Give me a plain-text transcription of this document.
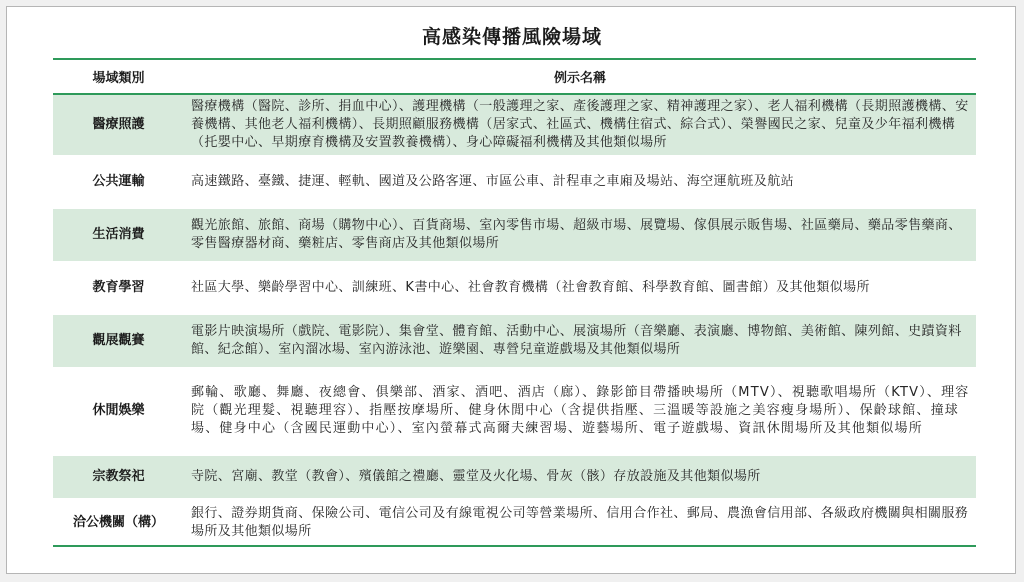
高感染傳播風險場域
場域類別	例示名稱
醫療照護	醫療機構（醫院、診所、捐血中心）、護理機構（一般護理之家、產後護理之家、精神護理之家）、老人福利機構（長期照護機構、安養機構、其他老人福利機構）、長期照顧服務機構（居家式、社區式、機構住宿式、綜合式）、榮譽國民之家、兒童及少年福利機構（托嬰中心、早期療育機構及安置教養機構）、身心障礙福利機構及其他類似場所
公共運輸	高速鐵路、臺鐵、捷運、輕軌、國道及公路客運、市區公車、計程車之車廂及場站、海空運航班及航站
生活消費	觀光旅館、旅館、商場（購物中心）、百貨商場、室內零售市場、超級市場、展覽場、傢俱展示販售場、社區藥局、藥品零售藥商、零售醫療器材商、藥粧店、零售商店及其他類似場所
教育學習	社區大學、樂齡學習中心、訓練班、K書中心、社會教育機構（社會教育館、科學教育館、圖書館）及其他類似場所
觀展觀賽	電影片映演場所（戲院、電影院）、集會堂、體育館、活動中心、展演場所（音樂廳、表演廳、博物館、美術館、陳列館、史蹟資料館、紀念館）、室內溜冰場、室內游泳池、遊樂園、專營兒童遊戲場及其他類似場所
休閒娛樂	郵輪、歌廳、舞廳、夜總會、俱樂部、酒家、酒吧、酒店（廊）、錄影節目帶播映場所（MTV）、視聽歌唱場所（KTV）、理容院（觀光理髮、視聽理容）、指壓按摩場所、健身休閒中心（含提供指壓、三溫暖等設施之美容瘦身場所）、保齡球館、撞球場、健身中心（含國民運動中心）、室內螢幕式高爾夫練習場、遊藝場所、電子遊戲場、資訊休閒場所及其他類似場所
宗教祭祀	寺院、宮廟、教堂（教會）、殯儀館之禮廳、靈堂及火化場、骨灰（骸）存放設施及其他類似場所
洽公機關（構）	銀行、證券期貨商、保險公司、電信公司及有線電視公司等營業場所、信用合作社、郵局、農漁會信用部、各級政府機關與相關服務場所及其他類似場所
